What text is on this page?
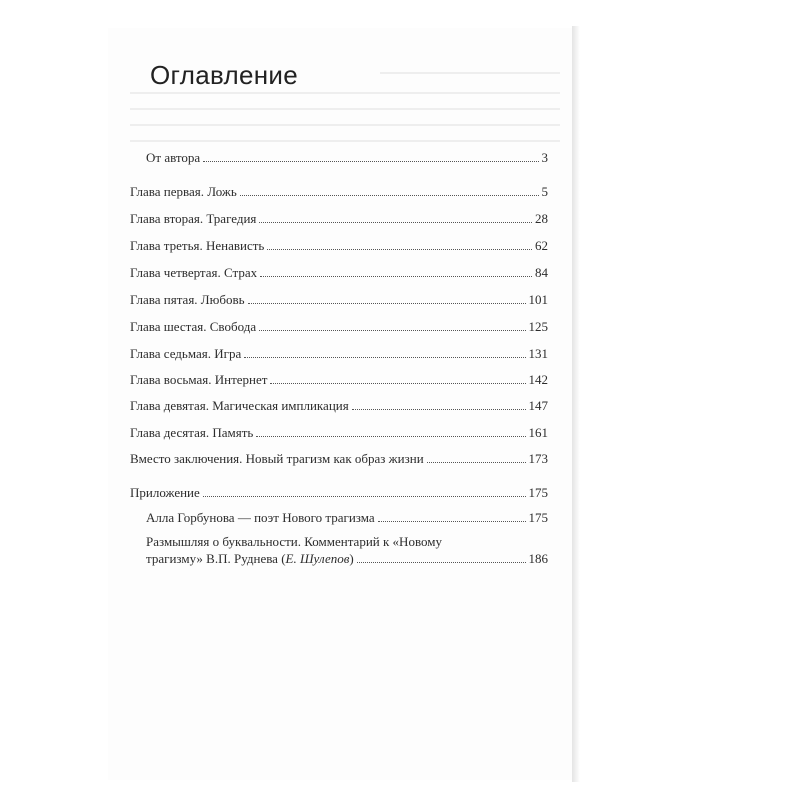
Оглавление
От автора	3
Глава первая. Ложь	5
Глава вторая. Трагедия	28
Глава третья. Ненависть	62
Глава четвертая. Страх	84
Глава пятая. Любовь	101
Глава шестая. Свобода	125
Глава седьмая. Игра	131
Глава восьмая. Интернет	142
Глава девятая. Магическая импликация	147
Глава десятая. Память	161
Вместо заключения. Новый трагизм как образ жизни	173
Приложение	175
Алла Горбунова — поэт Нового трагизма	175
Размышляя о буквальности. Комментарий к «Новому
трагизму» В.П. Руднева ( Е. Шулепов )	186
